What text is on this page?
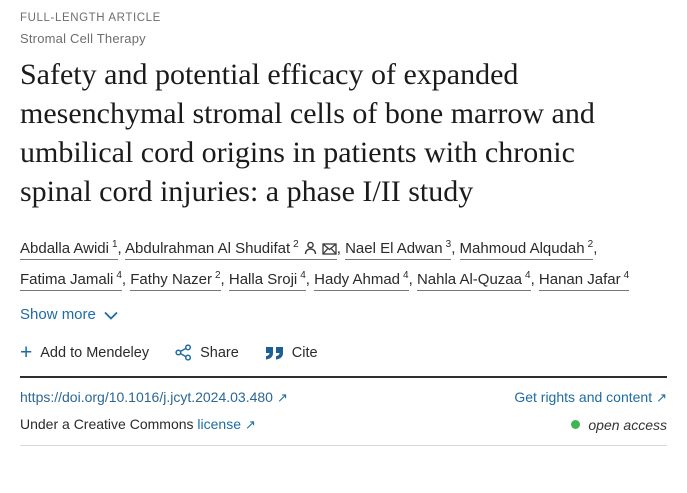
FULL-LENGTH ARTICLE
Stromal Cell Therapy
Safety and potential efficacy of expanded mesenchymal stromal cells of bone marrow and umbilical cord origins in patients with chronic spinal cord injuries: a phase I/II study
Abdalla Awidi $^1$ , Abdulrahman Al Shudifat $^2$
,	Nael El Adwan $^3$ , Mahmoud Alqudah $^2$ , Fatima Jamali $^4$ , Fathy Nazer $^2$ , Halla Sroji $^4$ , Hady Ahmad $^4$ , Nahla Al-Quzaa $^4$ , Hanan Jafar $^4$
Show more
+ Add to Mendeley	Share	Cite
https://doi.org/10.1016/j.jcyt.2024.03.480 ↗	Get rights and content ↗
Under a Creative Commons license ↗	open access
